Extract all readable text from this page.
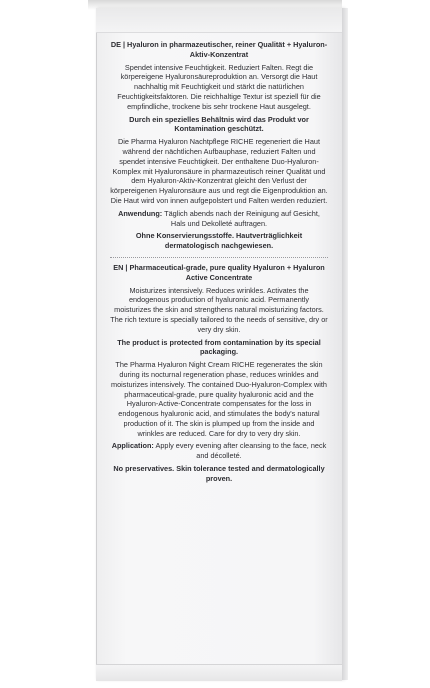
DE | Hyaluron in pharmazeutischer, reiner Qualität + Hyaluron-Aktiv-Konzentrat

Spendet intensive Feuchtigkeit. Reduziert Falten. Regt die körpereigene Hyaluronsäureproduktion an. Versorgt die Haut nachhaltig mit Feuchtigkeit und stärkt die natürlichen Feuchtigkeitsfaktoren. Die reichhaltige Textur ist speziell für die empfindliche, trockene bis sehr trockene Haut ausgelegt.

Durch ein spezielles Behältnis wird das Produkt vor Kontamination geschützt.

Die Pharma Hyaluron Nachtpflege RICHE regeneriert die Haut während der nächtlichen Aufbauphase, reduziert Falten und spendet intensive Feuchtigkeit. Der enthaltene Duo-Hyaluron-Komplex mit Hyaluronsäure in pharmazeutisch reiner Qualität und dem Hyaluron-Aktiv-Konzentrat gleicht den Verlust der körpereigenen Hyaluronsäure aus und regt die Eigenproduktion an. Die Haut wird von innen aufgepolstert und Falten werden reduziert.

Anwendung: Täglich abends nach der Reinigung auf Gesicht, Hals und Dekolleté auftragen.

Ohne Konservierungsstoffe. Hautverträglichkeit dermatologisch nachgewiesen.

EN | Pharmaceutical-grade, pure quality Hyaluron + Hyaluron Active Concentrate

Moisturizes intensively. Reduces wrinkles. Activates the endogenous production of hyaluronic acid. Permanently moisturizes the skin and strengthens natural moisturizing factors. The rich texture is specially tailored to the needs of sensitive, dry or very dry skin.

The product is protected from contamination by its special packaging.

The Pharma Hyaluron Night Cream RICHE regenerates the skin during its nocturnal regeneration phase, reduces wrinkles and moisturizes intensively. The contained Duo-Hyaluron-Complex with pharmaceutical-grade, pure quality hyaluronic acid and the Hyaluron-Active-Concentrate compensates for the loss in endogenous hyaluronic acid, and stimulates the body's natural production of it. The skin is plumped up from the inside and wrinkles are reduced. Care for dry to very dry skin.

Application: Apply every evening after cleansing to the face, neck and décolleté.

No preservatives. Skin tolerance tested and dermatologically proven.
